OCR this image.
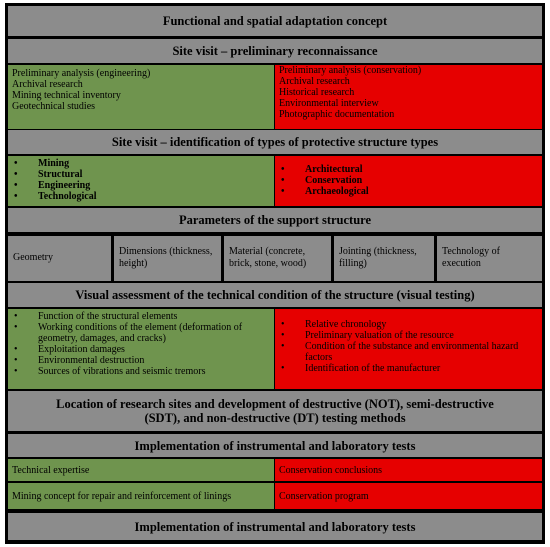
Functional and spatial adaptation concept
Site visit – preliminary reconnaissance
Preliminary analysis (engineering)
Archival research
Mining technical inventory
Geotechnical studies
Preliminary analysis (conservation)
Archival research
Historical research
Environmental interview
Photographic documentation
Site visit – identification of types of protective structure types
• Mining
• Structural
• Engineering
• Technological
• Architectural
• Conservation
• Archaeological
Parameters of the support structure
Geometry
Dimensions (thickness, height)
Material (concrete, brick, stone, wood)
Jointing (thickness, filling)
Technology of execution
Visual assessment of the technical condition of the structure (visual testing)
• Function of the structural elements
• Working conditions of the element (deformation of geometry, damages, and cracks)
• Exploitation damages
• Environmental destruction
• Sources of vibrations and seismic tremors
• Relative chronology
• Preliminary valuation of the resource
• Condition of the substance and environmental hazard factors
• Identification of the manufacturer
Location of research sites and development of destructive (NOT), semi-destructive (SDT), and non-destructive (DT) testing methods
Implementation of instrumental and laboratory tests
Technical expertise	Conservation conclusions
Mining concept for repair and reinforcement of linings	Conservation program
Implementation of instrumental and laboratory tests
